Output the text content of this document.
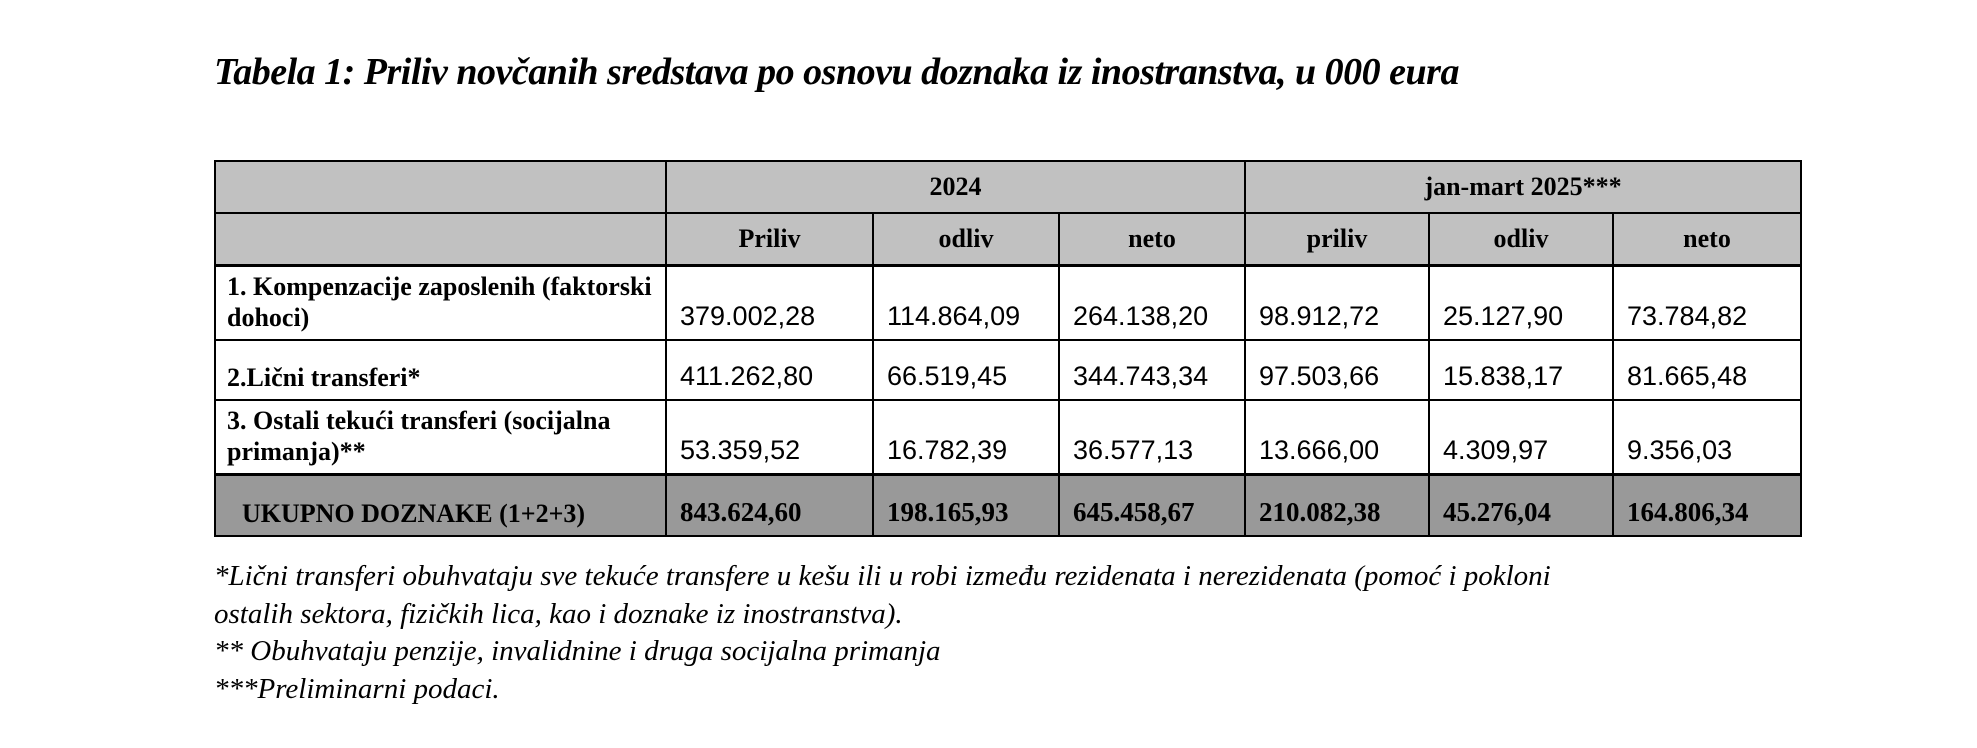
Tabela 1: Priliv novčanih sredstava po osnovu doznaka iz inostranstva, u 000 eura
	2024			jan-mart 2025***		
	Priliv	odliv	neto	priliv	odliv	neto
1. Kompenzacije zaposlenih (faktorski dohoci)	379.002,28	114.864,09	264.138,20	98.912,72	25.127,90	73.784,82
2.Lični transferi*	411.262,80	66.519,45	344.743,34	97.503,66	15.838,17	81.665,48
3. Ostali tekući transferi (socijalna primanja)**	53.359,52	16.782,39	36.577,13	13.666,00	4.309,97	9.356,03
UKUPNO DOZNAKE (1+2+3)	843.624,60	198.165,93	645.458,67	210.082,38	45.276,04	164.806,34
*Lični transferi obuhvataju sve tekuće transfere u kešu ili u robi između rezidenata i nerezidenata (pomoć i pokloni
ostalih sektora, fizičkih lica, kao i doznake iz inostranstva).
** Obuhvataju penzije, invalidnine i druga socijalna primanja
***Preliminarni podaci.
